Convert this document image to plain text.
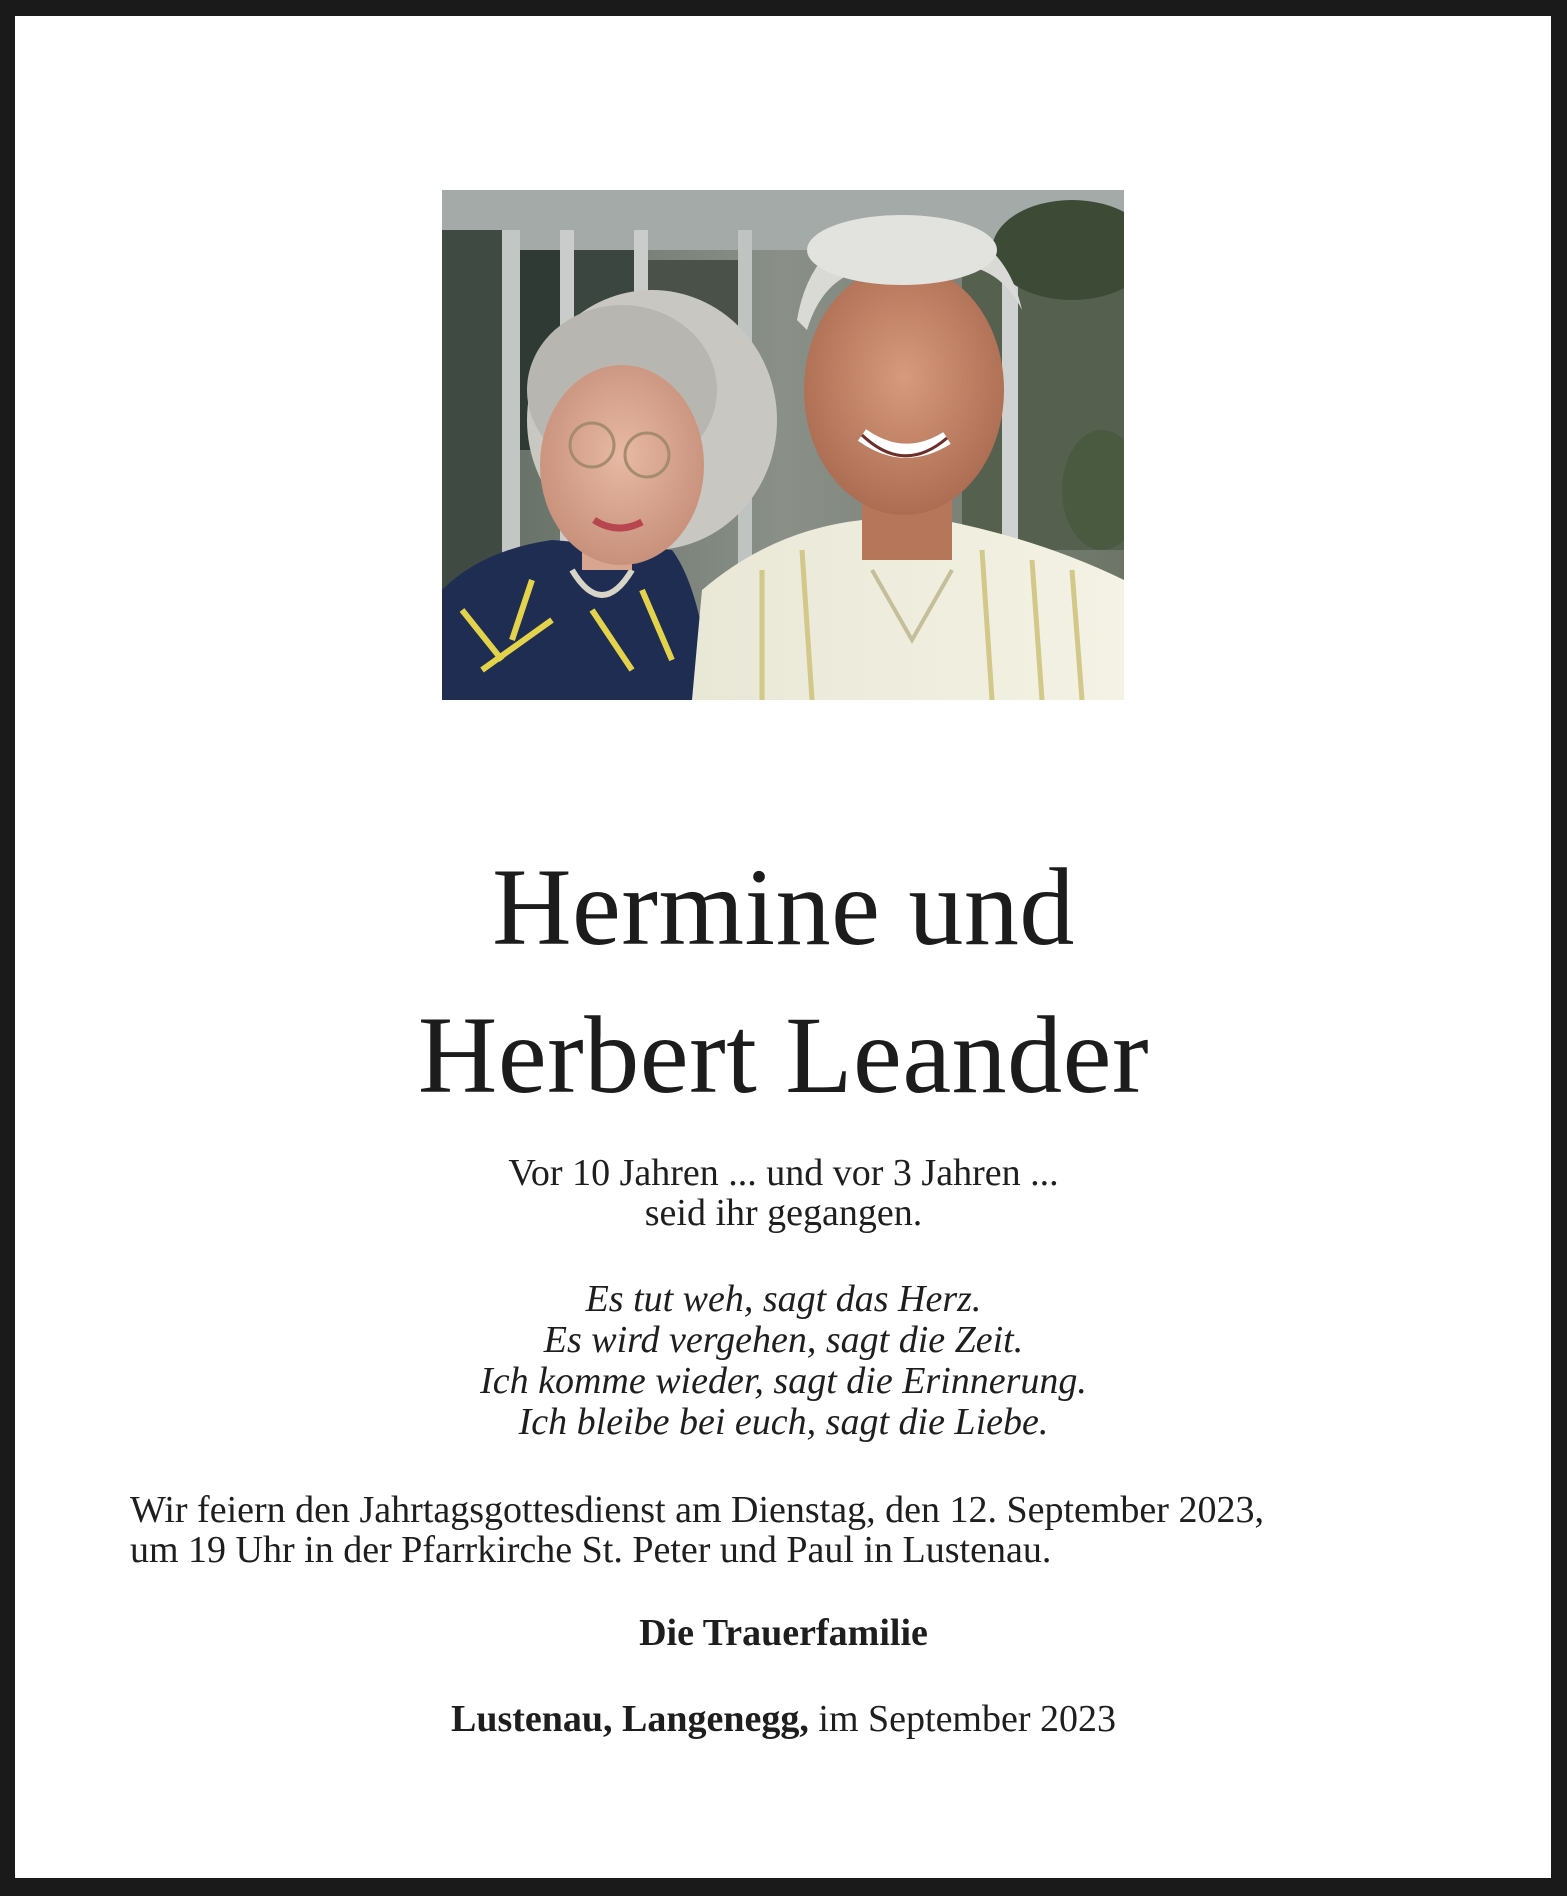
Hermine und
Herbert Leander
Vor 10 Jahren ... und vor 3 Jahren ...
seid ihr gegangen.
Es tut weh, sagt das Herz.
Es wird vergehen, sagt die Zeit.
Ich komme wieder, sagt die Erinnerung.
Ich bleibe bei euch, sagt die Liebe.
Wir feiern den Jahrtagsgottesdienst am Dienstag, den 12. September 2023,
um 19 Uhr in der Pfarrkirche St. Peter und Paul in Lustenau.
Die Trauerfamilie
Lustenau, Langenegg, im September 2023
